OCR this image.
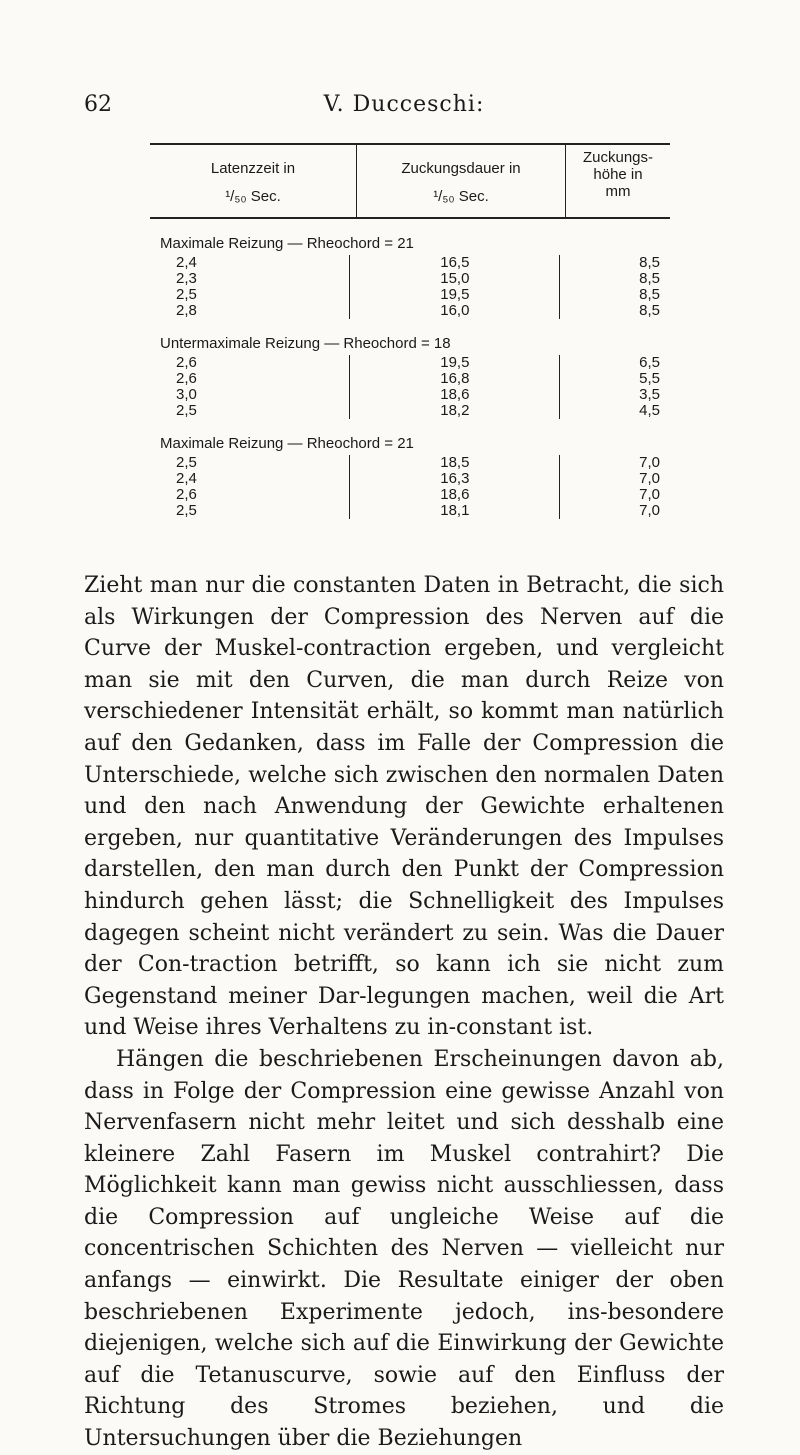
62	V. Ducceschi:
Latenzzeit in
¹/₅₀ Sec.
Zuckungsdauer in
¹/₅₀ Sec.
Zuckungs-
höhe in
mm
Maximale Reizung — Rheochord = 21
2,4
2,3
2,5
2,8
16,5
15,0
19,5
16,0
8,5
8,5
8,5
8,5
Untermaximale Reizung — Rheochord = 18
2,6
2,6
3,0
2,5
19,5
16,8
18,6
18,2
6,5
5,5
3,5
4,5
Maximale Reizung — Rheochord = 21
2,5
2,4
2,6
2,5
18,5
16,3
18,6
18,1
7,0
7,0
7,0
7,0

Zieht man nur die constanten Daten in Betracht, die sich als Wirkungen der Compression des Nerven auf die Curve der Muskel-contraction ergeben, und vergleicht man sie mit den Curven, die man durch Reize von verschiedener Intensität erhält, so kommt man natürlich auf den Gedanken, dass im Falle der Compression die Unterschiede, welche sich zwischen den normalen Daten und den nach Anwendung der Gewichte erhaltenen ergeben, nur quantitative Veränderungen des Impulses darstellen, den man durch den Punkt der Compression hindurch gehen lässt; die Schnelligkeit des Impulses dagegen scheint nicht verändert zu sein. Was die Dauer der Con-traction betrifft, so kann ich sie nicht zum Gegenstand meiner Dar-legungen machen, weil die Art und Weise ihres Verhaltens zu in-constant ist.

Hängen die beschriebenen Erscheinungen davon ab, dass in Folge der Compression eine gewisse Anzahl von Nervenfasern nicht mehr leitet und sich desshalb eine kleinere Zahl Fasern im Muskel contrahirt? Die Möglichkeit kann man gewiss nicht ausschliessen, dass die Compression auf ungleiche Weise auf die concentrischen Schichten des Nerven — vielleicht nur anfangs — einwirkt. Die Resultate einiger der oben beschriebenen Experimente jedoch, ins-besondere diejenigen, welche sich auf die Einwirkung der Gewichte auf die Tetanuscurve, sowie auf den Einfluss der Richtung des Stromes beziehen, und die Untersuchungen über die Beziehungen
